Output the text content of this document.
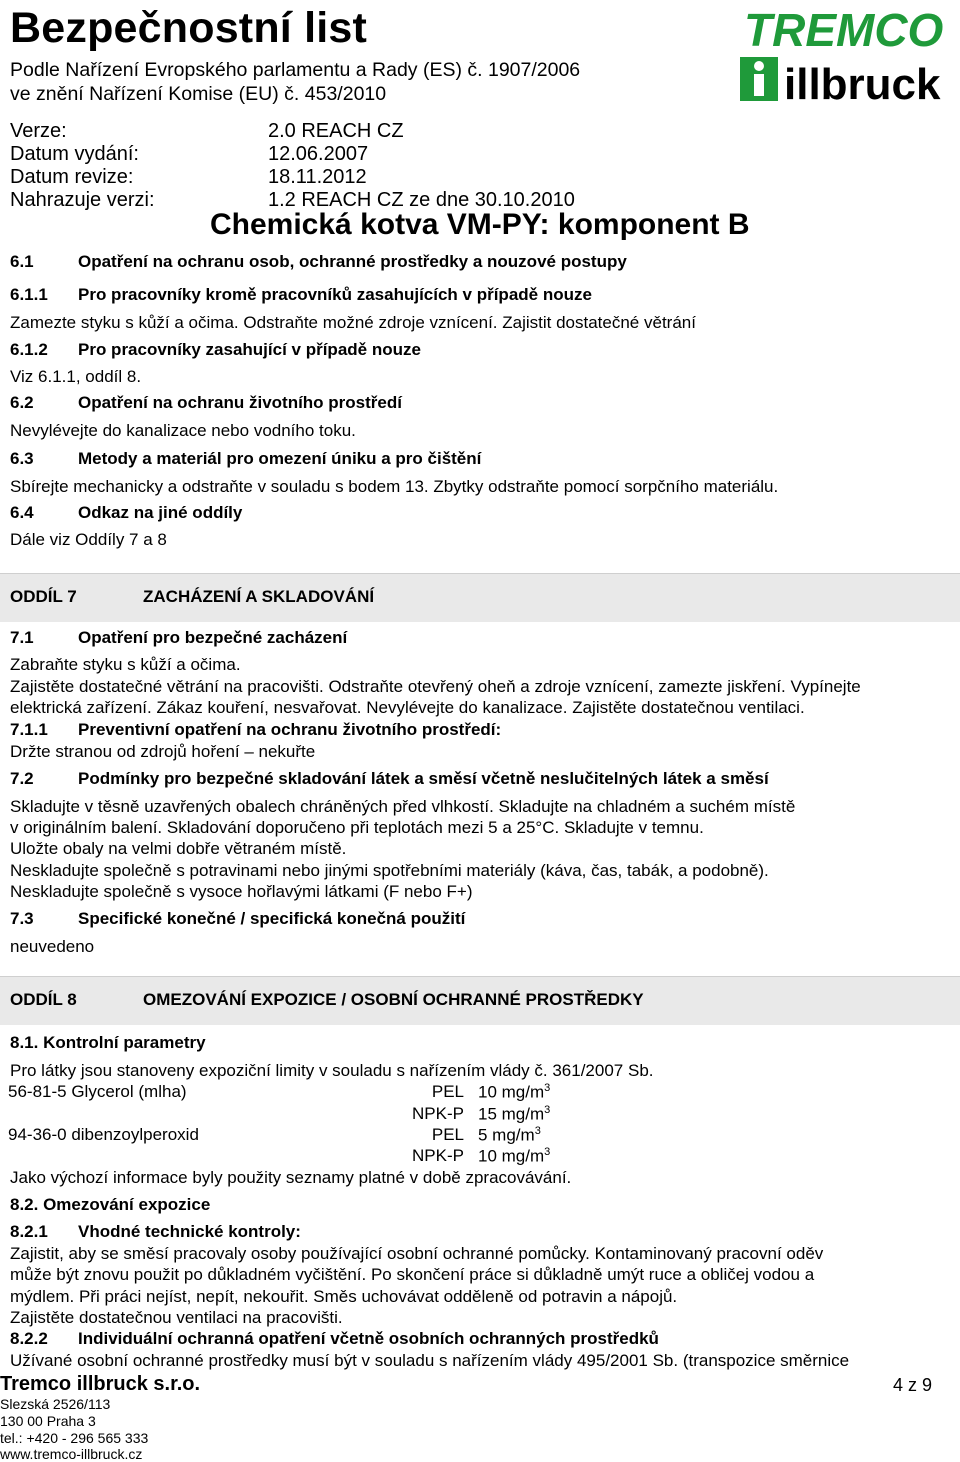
Bezpečnostní list
Podle Nařízení Evropského parlamentu a Rady (ES) č. 1907/2006
ve znění Nařízení Komise (EU) č. 453/2010
Verze:	2.0 REACH CZ
Datum vydání:	12.06.2007
Datum revize:	18.11.2012
Nahrazuje verzi:	1.2 REACH CZ ze dne 30.10.2010
Chemická kotva VM-PY: komponent B
TREMCO
illbruck
6.1	Opatření na ochranu osob, ochranné prostředky a nouzové postupy
6.1.1 Pro pracovníky kromě pracovníků zasahujících v případě nouze
Zamezte styku s kůží a očima. Odstraňte možné zdroje vznícení. Zajistit dostatečné větrání
6.1.2 Pro pracovníky zasahující v případě nouze
Viz 6.1.1, oddíl 8.
6.2	Opatření na ochranu životního prostředí
Nevylévejte do kanalizace nebo vodního toku.
6.3	Metody a materiál pro omezení úniku a pro čištění
Sbírejte mechanicky a odstraňte v souladu s bodem 13. Zbytky odstraňte pomocí sorpčního materiálu.
6.4	Odkaz na jiné oddíly
Dále viz Oddíly 7 a 8
ODDÍL 7	ZACHÁZENÍ A SKLADOVÁNÍ
7.1	Opatření pro bezpečné zacházení
Zabraňte styku s kůží a očima.
Zajistěte dostatečné větrání na pracovišti. Odstraňte otevřený oheň a zdroje vznícení, zamezte jiskření. Vypínejte
elektrická zařízení. Zákaz kouření, nesvařovat. Nevylévejte do kanalizace. Zajistěte dostatečnou ventilaci.
7.1.1 Preventivní opatření na ochranu životního prostředí:
Držte stranou od zdrojů hoření – nekuřte
7.2	Podmínky pro bezpečné skladování látek a směsí včetně neslučitelných látek a směsí
Skladujte v těsně uzavřených obalech chráněných před vlhkostí. Skladujte na chladném a suchém místě
v originálním balení. Skladování doporučeno při teplotách mezi 5 a 25°C. Skladujte v temnu.
Uložte obaly na velmi dobře větraném místě.
Neskladujte společně s potravinami nebo jinými spotřebními materiály (káva, čas, tabák, a podobně).
Neskladujte společně s vysoce hořlavými látkami (F nebo F+)
7.3	Specifické konečné / specifická konečná použití
neuvedeno
ODDÍL 8	OMEZOVÁNÍ EXPOZICE / OSOBNÍ OCHRANNÉ PROSTŘEDKY
8.1. Kontrolní parametry
Pro látky jsou stanoveny expoziční limity v souladu s nařízením vlády č. 361/2007 Sb.
56-81-5 Glycerol (mlha)	PEL 10 $mg/m^3$
NPK-P 15 $mg/m^3$
94-36-0 dibenzoylperoxid	PEL 5 $mg/m^3$
NPK-P 10 $mg/m^3$
Jako výchozí informace byly použity seznamy platné v době zpracovávání.
8.2. Omezování expozice
8.2.1 Vhodné technické kontroly:
Zajistit, aby se směsí pracovaly osoby používající osobní ochranné pomůcky. Kontaminovaný pracovní oděv
může být znovu použit po důkladném vyčištění. Po skončení práce si důkladně umýt ruce a obličej vodou a
mýdlem. Při práci nejíst, nepít, nekouřit. Směs uchovávat odděleně od potravin a nápojů.
Zajistěte dostatečnou ventilaci na pracovišti.
8.2.2 Individuální ochranná opatření včetně osobních ochranných prostředků
Užívané osobní ochranné prostředky musí být v souladu s nařízením vlády 495/2001 Sb. (transpozice směrnice
Tremco illbruck s.r.o.	4 z 9
Slezská 2526/113
130 00 Praha 3
tel.: +420 - 296 565 333
www.tremco-illbruck.cz
